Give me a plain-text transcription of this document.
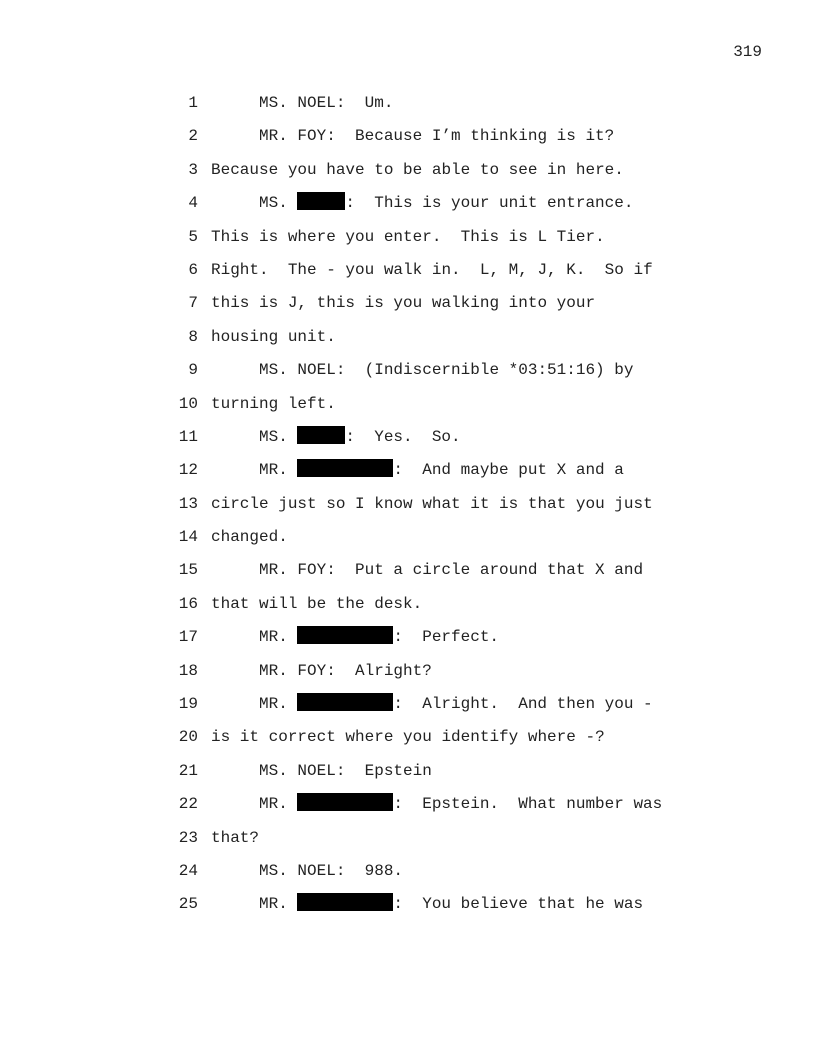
319
1	MS. NOEL:  Um.
2	MR. FOY:  Because I’m thinking is it?
3 Because you have to be able to see in here.
4	MS.	:  This is your unit entrance.
5 This is where you enter.  This is L Tier.
6 Right.  The - you walk in.  L, M, J, K.  So if
7 this is J, this is you walking into your
8 housing unit.
9	MS. NOEL:  (Indiscernible *03:51:16) by
10 turning left.
11	MS.	:  Yes.  So.
12	MR.	:  And maybe put X and a
13 circle just so I know what it is that you just
14 changed.
15	MR. FOY:  Put a circle around that X and
16 that will be the desk.
17	MR.	:  Perfect.
18	MR. FOY:  Alright?
19	MR.	:  Alright.  And then you -
20 is it correct where you identify where -?
21	MS. NOEL:  Epstein
22	MR.	:  Epstein.  What number was
23 that?
24	MS. NOEL:  988.
25	MR.	:  You believe that he was
